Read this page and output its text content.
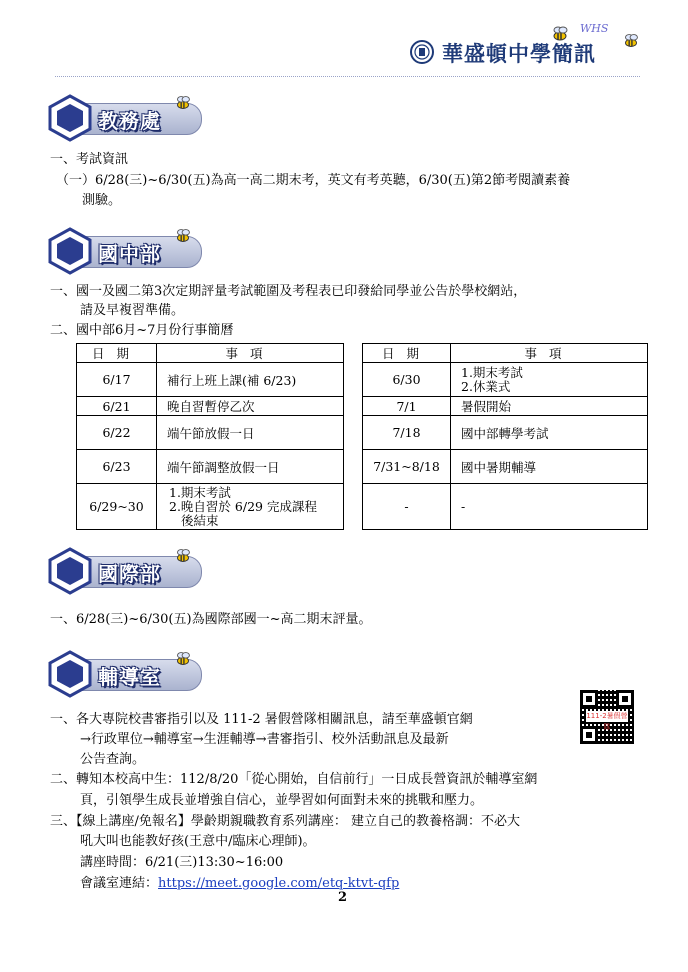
WHS
華盛頓中學簡訊
教務處
一、考試資訊
（一）6/28(三)~6/30(五)為高一高二期末考，英文有考英聽，6/30(五)第2節考閱讀素養
測驗。
國中部
一、國一及國二第3次定期評量考試範圍及考程表已印發給同學並公告於學校網站，
請及早複習準備。
二、國中部6月~7月份行事簡曆
日期	事項
6/17	補行上班上課(補 6/23)
6/21	晚自習暫停乙次
6/22	端午節放假一日
6/23	端午節調整放假一日
6/29~30	1.期末考試
2.晚自習於 6/29 完成課程
後結束
日期	事項
6/30	1.期末考試
2.休業式

7/1	暑假開始
7/18	國中部轉學考試
7/31~8/18	國中暑期輔導
-	-
國際部
一、6/28(三)~6/30(五)為國際部國一~高二期末評量。
輔導室
111-2暑假營隊
一、各大專院校書審指引以及 111-2 暑假營隊相關訊息，請至華盛頓官網
→行政單位→輔導室→生涯輔導→書審指引、校外活動訊息及最新
公告查詢。
二、轉知本校高中生：112/8/20「從心開始，自信前行」一日成長營資訊於輔導室網
頁，引領學生成長並增強自信心，並學習如何面對未來的挑戰和壓力。
三、【線上講座/免報名】學齡期親職教育系列講座： 建立自己的教養格調：不必大
吼大叫也能教好孩(王意中/臨床心理師)。
講座時間：6/21(三)13:30~16:00
會議室連結：https://meet.google.com/etq-ktvt-qfp
2
